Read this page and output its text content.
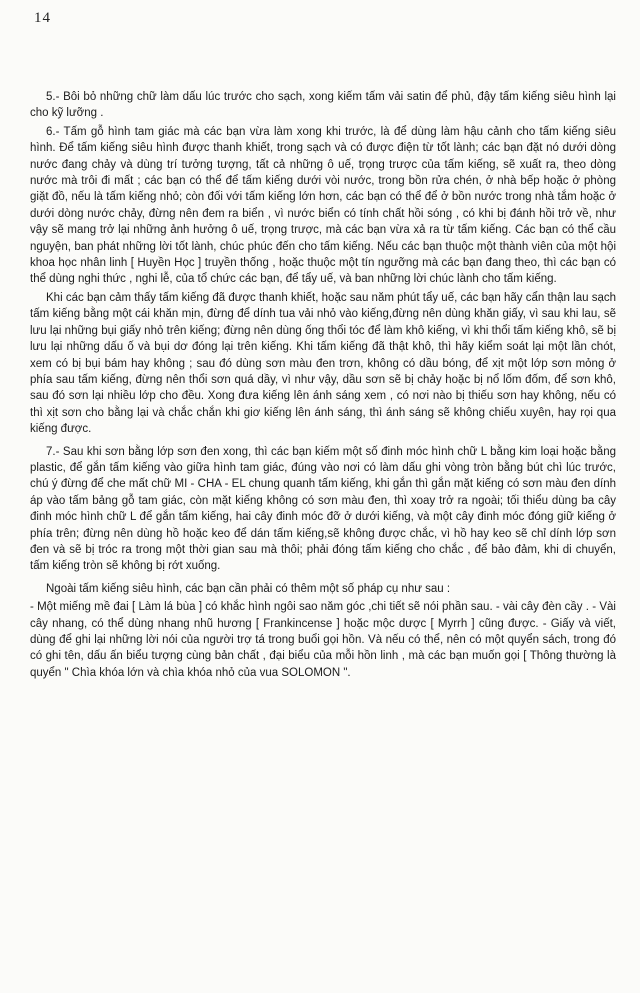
14

5.- Bôi bỏ những chữ làm dấu lúc trước cho sạch, xong kiếm tấm vải satin để phủ, đậy tấm kiếng siêu hình lại cho kỹ lưỡng .

6.- Tấm gỗ hình tam giác mà các bạn vừa làm xong khi trước, là để dùng làm hậu cảnh cho tấm kiếng siêu hình. Để tấm kiếng siêu hình được thanh khiết, trong sạch và có được điện từ tốt lành; các bạn đặt nó dưới dòng nước đang chảy và dùng trí tưởng tượng, tất cả những ô uế, trọng trược của tấm kiếng, sẽ xuất ra, theo dòng nước mà trôi đi mất ; các bạn có thể để tấm kiếng dưới vòi nước, trong bồn rửa chén, ở nhà bếp hoặc ở phòng giặt đồ, nếu là tấm kiếng nhỏ; còn đối với tấm kiếng lớn hơn, các bạn có thể để ở bồn nước trong nhà tắm hoặc ở dưới dòng nước chảy, đừng nên đem ra biển , vì nước biển có tính chất hồi sóng , có khi bị đánh hồi trở về, như vậy sẽ mang trở lại những ảnh hưởng ô uế, trọng trược, mà các bạn vừa xả ra từ tấm kiếng. Các bạn có thể cầu nguyện, ban phát những lời tốt lành, chúc phúc đến cho tấm kiếng. Nếu các bạn thuộc một thành viên của một hội khoa học nhân linh [ Huyền Học ] truyền thống , hoặc thuộc một tín ngưỡng mà các bạn đang theo, thì các bạn có thể dùng nghi thức , nghi lễ, của tổ chức các bạn, để tẩy uế, và ban những lời chúc lành cho tấm kiếng.

Khi các bạn cảm thấy tấm kiếng đã được thanh khiết, hoặc sau năm phút tẩy uế, các bạn hãy cẩn thận lau sạch tấm kiếng bằng một cái khăn mịn, đừng để dính tua vải nhỏ vào kiếng,đừng nên dùng khăn giấy, vì sau khi lau, sẽ lưu lại những bụi giấy nhỏ trên kiếng; đừng nên dùng ống thổi tóc để làm khô kiếng, vì khi thổi tấm kiếng khô, sẽ bị lưu lại những dấu ố và bụi dơ đóng lại trên kiếng. Khi tấm kiếng đã thật khô, thì hãy kiểm soát lại một lần chót, xem có bị bụi bám hay không ; sau đó dùng sơn màu đen trơn, không có dầu bóng, để xịt một lớp sơn mỏng ở phía sau tấm kiếng, đừng nên thổi sơn quá dầy, vì như vậy, dầu sơn sẽ bị chảy hoặc bị nổ lốm đốm, để sơn khô, sau đó sơn lại nhiều lớp cho đều. Xong đưa kiếng lên ánh sáng xem , có nơi nào bị thiếu sơn hay không, nếu có thì xịt sơn cho bằng lại và chắc chắn khi giơ kiếng lên ánh sáng, thì ánh sáng sẽ không chiếu xuyên, hay rọi qua kiếng được.

7.- Sau khi sơn bằng lớp sơn đen xong, thì các bạn kiếm một số đinh móc hình chữ L bằng kim loại hoặc bằng plastic, để gắn tấm kiếng vào giữa hình tam giác, đúng vào nơi có làm dấu ghi vòng tròn bằng bút chì lúc trước, chú ý đừng để che mất chữ MI - CHA - EL chung quanh tấm kiếng, khi gắn thì gắn mặt kiếng có sơn màu đen dính áp vào tấm bảng gỗ tam giác, còn mặt kiếng không có sơn màu đen, thì xoay trở ra ngoài; tối thiểu dùng ba cây đinh móc hình chữ L để gắn tấm kiếng, hai cây đinh móc đỡ ở dưới kiếng, và một cây đinh móc đóng giữ kiếng ở phía trên; đừng nên dùng hồ hoặc keo để dán tấm kiếng,sẽ không được chắc, vì hồ hay keo sẽ chỉ dính lớp sơn đen và sẽ bị tróc ra trong một thời gian sau mà thôi; phải đóng tấm kiếng cho chắc , để bảo đảm, khi di chuyển, tấm kiếng tròn sẽ không bị rớt xuống.

Ngoài tấm kiếng siêu hình, các bạn cần phải có thêm một số pháp cụ như sau :

- Một miếng mề đai [ Làm lá bùa ] có khắc hình ngôi sao năm góc ,chi tiết sẽ nói phần sau. - vài cây đèn cầy . - Vài cây nhang, có thể dùng nhang nhũ hương [ Frankincense ] hoặc mộc dược [ Myrrh ] cũng được. - Giấy và viết, dùng để ghi lại những lời nói của người trợ tá trong buổi gọi hồn. Và nếu có thể, nên có một quyển sách, trong đó có ghi tên, dấu ấn biểu tượng cùng bản chất , đại biểu của mỗi hồn linh , mà các bạn muốn gọi [ Thông thường là quyển " Chìa khóa lớn và chìa khóa nhỏ của vua SOLOMON ".
